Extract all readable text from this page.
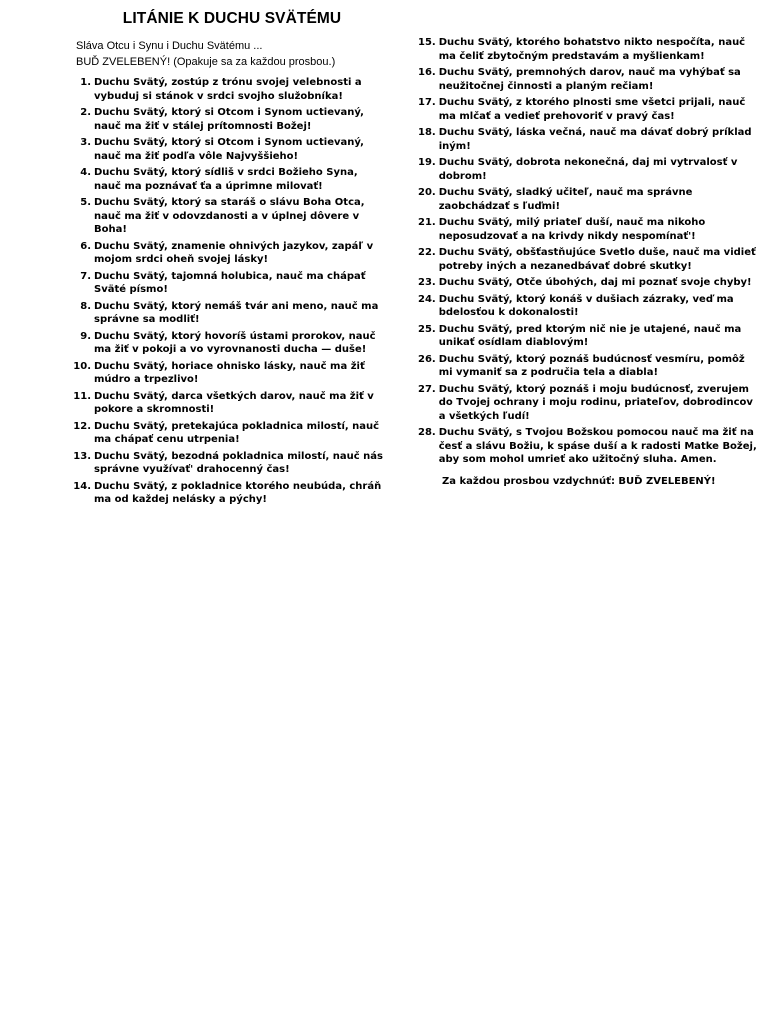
LITÁNIE K DUCHU SVÄTÉMU
Sláva Otcu i Synu i Duchu Svätému ...
BUĎ ZVELEBENÝ! (Opakuje sa za každou prosbou.)
1. Duchu Svätý, zostúp z trónu svojej velebnosti a vybuduj si stánok v srdci svojho služobníka!
2. Duchu Svätý, ktorý si Otcom i Synom uctievaný, nauč ma žiť v stálej prítomnosti Božej!
3. Duchu Svätý, ktorý si Otcom i Synom uctievaný, nauč ma žiť podľa vôle Najvyššieho!
4. Duchu Svätý, ktorý sídliš v srdci Božieho Syna, nauč ma poznávať ťa a úprimne milovať!
5. Duchu Svätý, ktorý sa staráš o slávu Boha Otca, nauč ma žiť v odovzdanosti a v úplnej dôvere v Boha!
6. Duchu Svätý, znamenie ohnivých jazykov, zapáľ v mojom srdci oheň svojej lásky!
7. Duchu Svätý, tajomná holubica, nauč ma chápať Sväté písmo!
8. Duchu Svätý, ktorý nemáš tvár ani meno, nauč ma správne sa modliť!
9. Duchu Svätý, ktorý hovoríš ústami prorokov, nauč ma žiť v pokoji a vo vyrovnanosti ducha — duše!
10. Duchu Svätý, horiace ohnisko lásky, nauč ma žiť múdro a trpezlivo!
11. Duchu Svätý, darca všetkých darov, nauč ma žiť v pokore a skromnosti!
12. Duchu Svätý, pretekajúca pokladnica milostí, nauč ma chápať cenu utrpenia!
13. Duchu Svätý, bezodná pokladnica milostí, nauč nás správne využívať' drahocenný čas!
14. Duchu Svätý, z pokladnice ktorého neubúda, chráň ma od každej nelásky a pýchy!
15. Duchu Svätý, ktorého bohatstvo nikto nespočíta, nauč ma čeliť zbytočným predstavám a myšlienkam!
16. Duchu Svätý, premnohých darov, nauč ma vyhýbať sa neužitočnej činnosti a planým rečiam!
17. Duchu Svätý, z ktorého plnosti sme všetci prijali, nauč ma mlčať a vedieť prehovoriť v pravý čas!
18. Duchu Svätý, láska večná, nauč ma dávať dobrý príklad iným!
19. Duchu Svätý, dobrota nekonečná, daj mi vytrvalosť v dobrom!
20. Duchu Svätý, sladký učiteľ, nauč ma správne zaobchádzať s ľuďmi!
21. Duchu Svätý, milý priateľ duší, nauč ma nikoho neposudzovať a na krivdy nikdy nespomínať'!
22. Duchu Svätý, obšťastňujúce Svetlo duše, nauč ma vidieť potreby iných a nezanedbávať dobré skutky!
23. Duchu Svätý, Otče úbohých, daj mi poznať svoje chyby!
24. Duchu Svätý, ktorý konáš v dušiach zázraky, veď ma bdelosťou k dokonalosti!
25. Duchu Svätý, pred ktorým nič nie je utajené, nauč ma unikať osídlam diablovým!
26. Duchu Svätý, ktorý poznáš budúcnosť vesmíru, pomôž mi vymaniť sa z područia tela a diabla!
27. Duchu Svätý, ktorý poznáš i moju budúcnosť, zverujem do Tvojej ochrany i moju rodinu, priateľov, dobrodincov a všetkých ľudí!
28. Duchu Svätý, s Tvojou Božskou pomocou nauč ma žiť na česť a slávu Božiu, k spáse duší a k radosti Matke Božej, aby som mohol umrieť ako užitočný sluha. Amen.
Za každou prosbou vzdychnúť: BUĎ ZVELEBENÝ!
